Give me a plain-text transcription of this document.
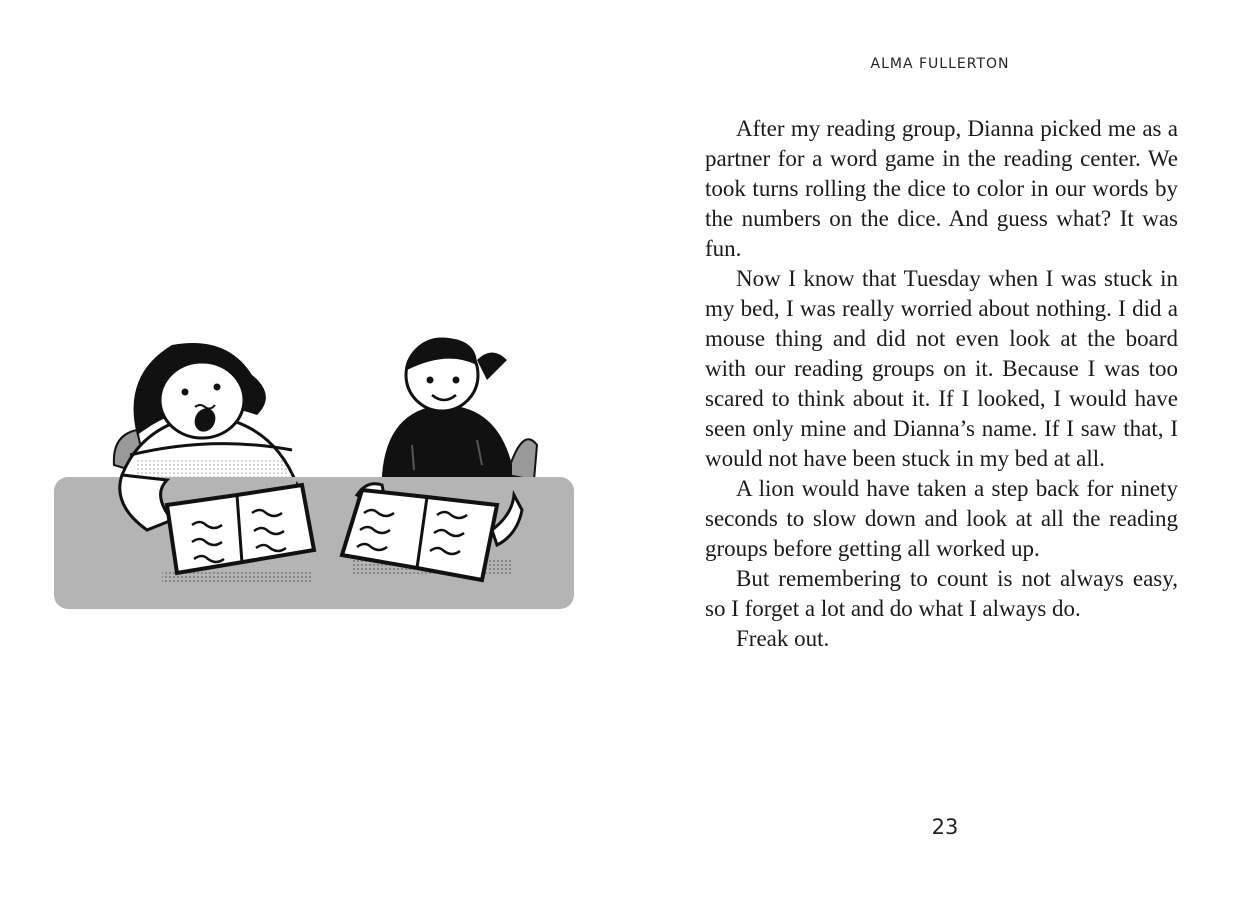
ALMA FULLERTON

After my reading group, Dianna picked me as a partner for a word game in the reading center. We took turns rolling the dice to color in our words by the numbers on the dice. And guess what? It was fun.

Now I know that Tuesday when I was stuck in my bed, I was really worried about nothing. I did a mouse thing and did not even look at the board with our reading groups on it. Because I was too scared to think about it. If I looked, I would have seen only mine and Dianna’s name. If I saw that, I would not have been stuck in my bed at all.

A lion would have taken a step back for ninety seconds to slow down and look at all the reading groups before getting all worked up.

But remembering to count is not always easy, so I forget a lot and do what I always do.

Freak out.

23
